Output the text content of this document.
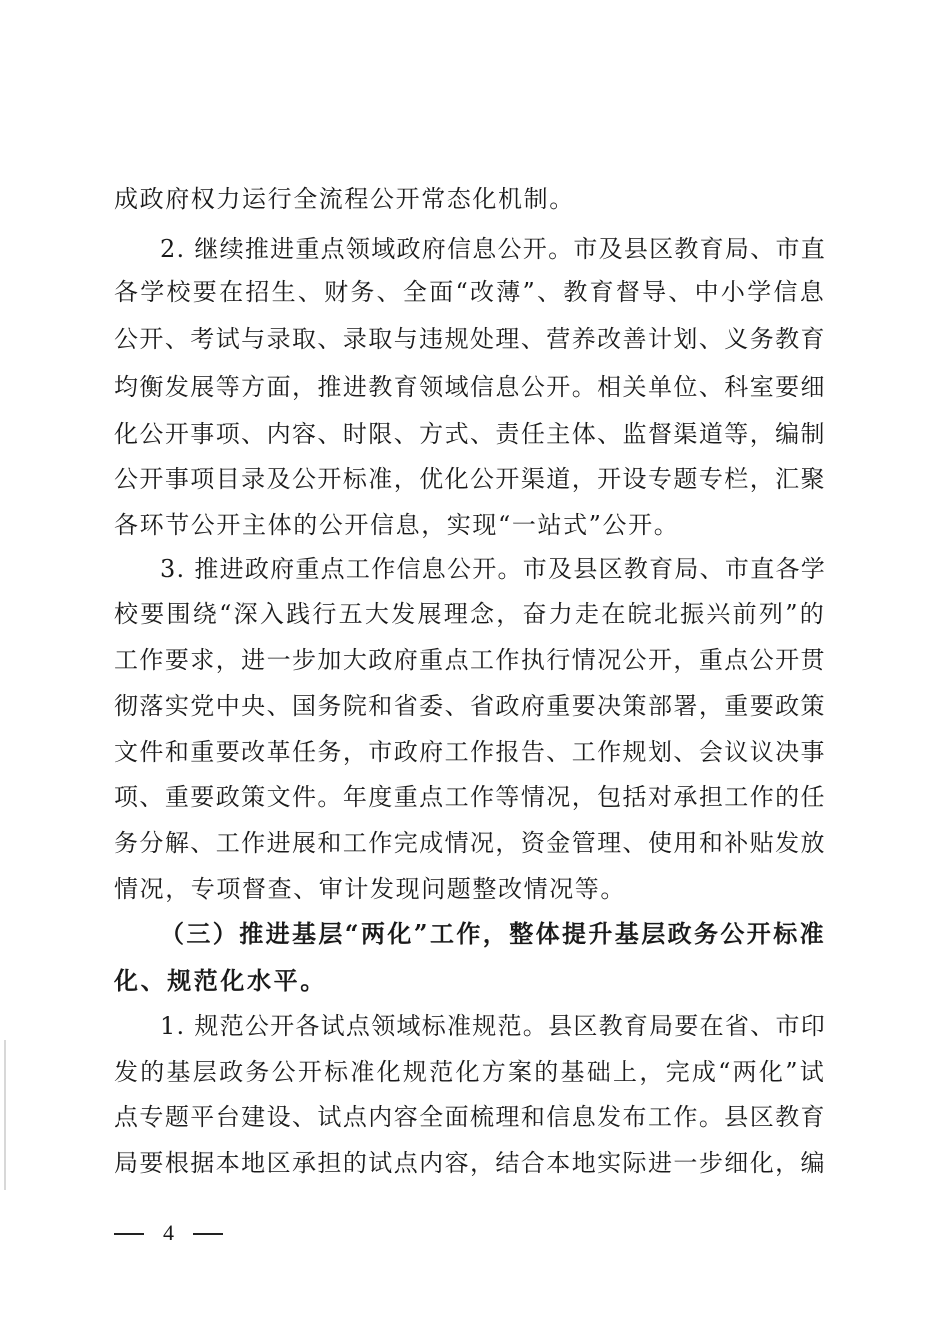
成政府权力运行全流程公开常态化机制。
2. 继续推进重点领域政府信息公开。市及县区教育局、市直
各学校要在招生、财务、全面“改薄”、教育督导、中小学信息
公开、考试与录取、录取与违规处理、营养改善计划、义务教育
均衡发展等方面，推进教育领域信息公开。相关单位、科室要细
化公开事项、内容、时限、方式、责任主体、监督渠道等，编制
公开事项目录及公开标准，优化公开渠道，开设专题专栏，汇聚
各环节公开主体的公开信息，实现“一站式”公开。
3. 推进政府重点工作信息公开。市及县区教育局、市直各学
校要围绕“深入践行五大发展理念，奋力走在皖北振兴前列”的
工作要求，进一步加大政府重点工作执行情况公开，重点公开贯
彻落实党中央、国务院和省委、省政府重要决策部署，重要政策
文件和重要改革任务，市政府工作报告、工作规划、会议议决事
项、重要政策文件。年度重点工作等情况，包括对承担工作的任
务分解、工作进展和工作完成情况，资金管理、使用和补贴发放
情况，专项督查、审计发现问题整改情况等。
（三）推进基层“两化”工作，整体提升基层政务公开标准
化、规范化水平。
1. 规范公开各试点领域标准规范。县区教育局要在省、市印
发的基层政务公开标准化规范化方案的基础上，完成“两化”试
点专题平台建设、试点内容全面梳理和信息发布工作。县区教育
局要根据本地区承担的试点内容，结合本地实际进一步细化，编
4
